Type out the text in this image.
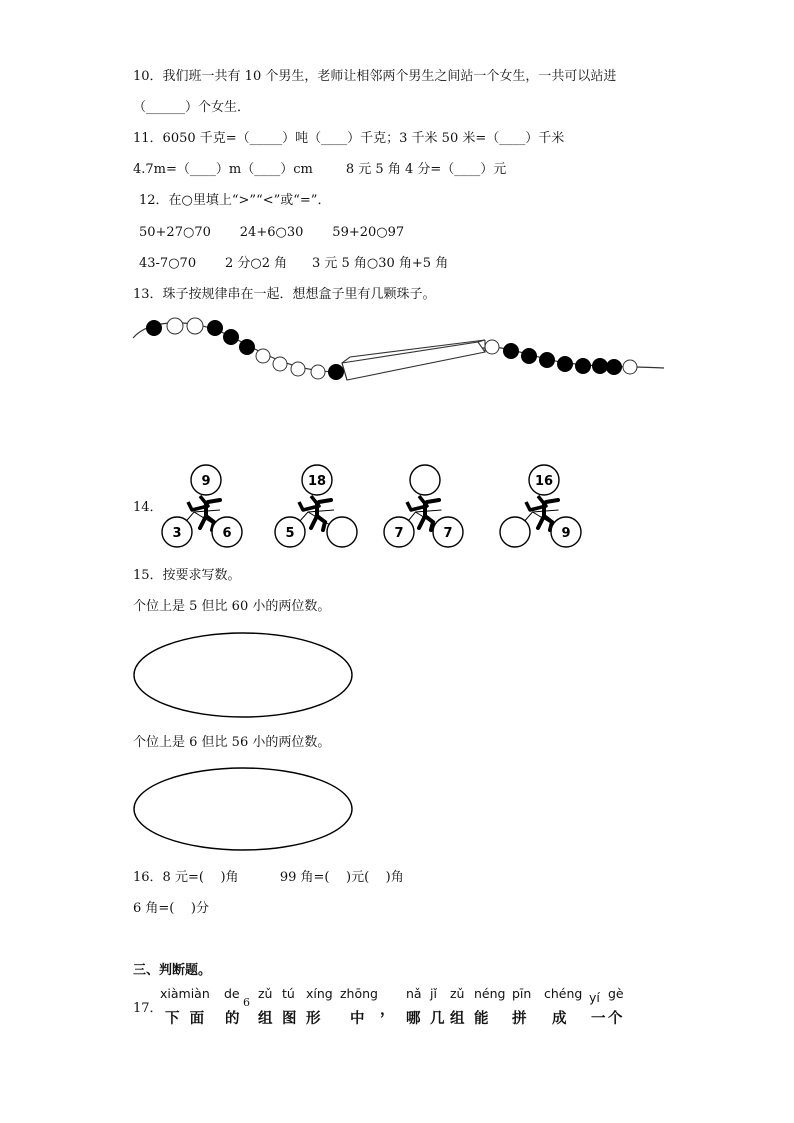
10．我们班一共有 10 个男生，老师让相邻两个男生之间站一个女生，一共可以站进
（______）个女生．
11．6050 千克=（_____）吨（____）千克；3 千米 50 米=（____）千米
4.7m=（____）m（____）cm        8 元 5 角 4 分=（____）元
12．在○里填上“>”“<”或“=”．
50+27○70       24+6○30       59+20○97
43-7○70       2 分○2 角      3 元 5 角○30 角+5 角
13．珠子按规律串在一起．想想盒子里有几颗珠子。
14．
9
3	6
18
5	7	7
16
9
15．按要求写数。
个位上是 5 但比 60 小的两位数。
个位上是 6 但比 56 小的两位数。
16．8 元=(    )角          99 角=(    )元(    )角
6 角=(    )分
三、判断题。
17．	6	，
xiàmiàn de zǔ tú xíng zhōng nǎ jǐ zǔ néng pīn chéng yí gè
下  面 的 组 图 形 中	哪 几 组 能 拼 成 一 个
